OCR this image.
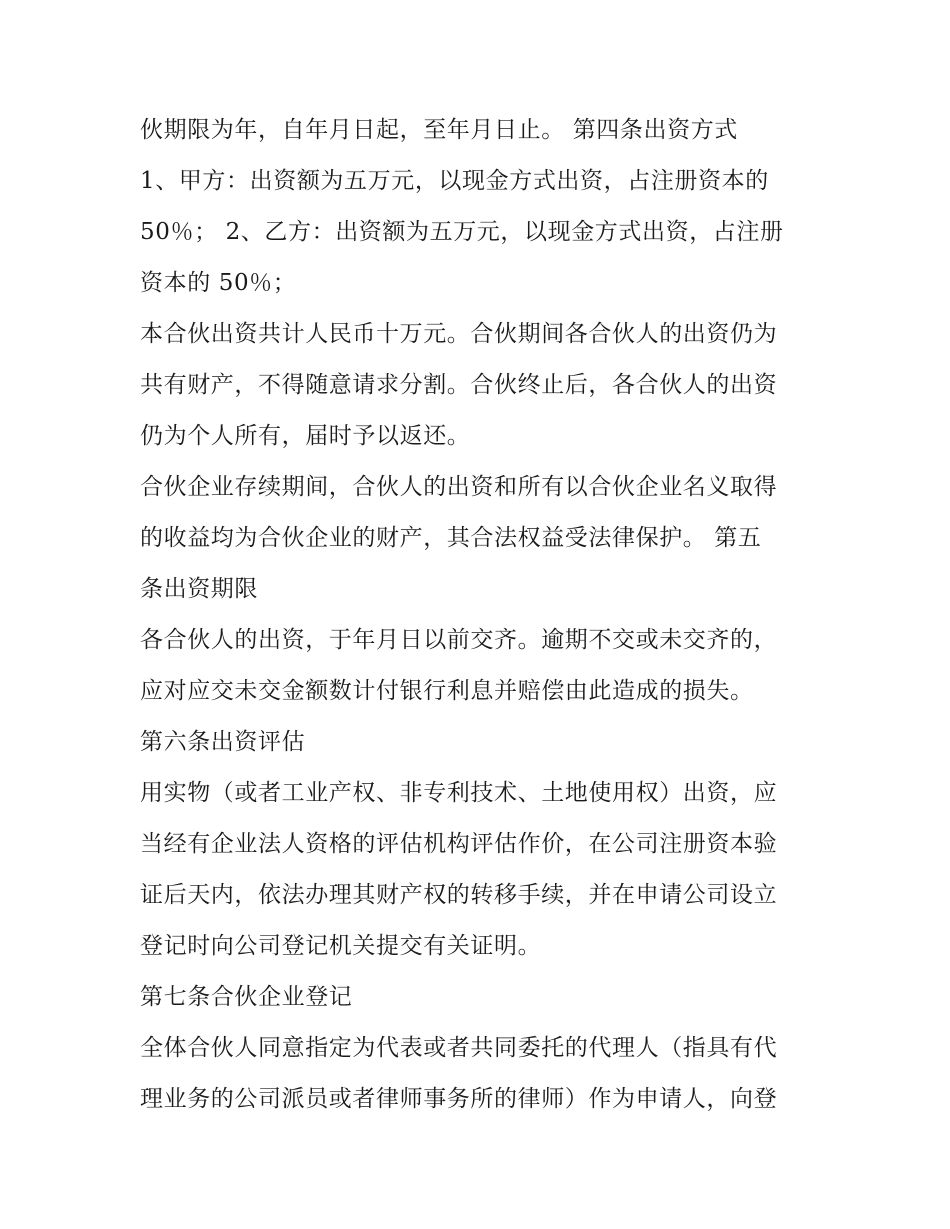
伙期限为年，自年月日起，至年月日止。 第四条出资方式
1、甲方：出资额为五万元，以现金方式出资，占注册资本的
50％； 2、乙方：出资额为五万元，以现金方式出资，占注册
资本的 50％；
本合伙出资共计人民币十万元。合伙期间各合伙人的出资仍为
共有财产，不得随意请求分割。合伙终止后，各合伙人的出资
仍为个人所有，届时予以返还。
合伙企业存续期间，合伙人的出资和所有以合伙企业名义取得
的收益均为合伙企业的财产，其合法权益受法律保护。 第五
条出资期限
各合伙人的出资，于年月日以前交齐。逾期不交或未交齐的，
应对应交未交金额数计付银行利息并赔偿由此造成的损失。
第六条出资评估
用实物（或者工业产权、非专利技术、土地使用权）出资，应
当经有企业法人资格的评估机构评估作价，在公司注册资本验
证后天内，依法办理其财产权的转移手续，并在申请公司设立
登记时向公司登记机关提交有关证明。
第七条合伙企业登记
全体合伙人同意指定为代表或者共同委托的代理人（指具有代
理业务的公司派员或者律师事务所的律师）作为申请人，向登
